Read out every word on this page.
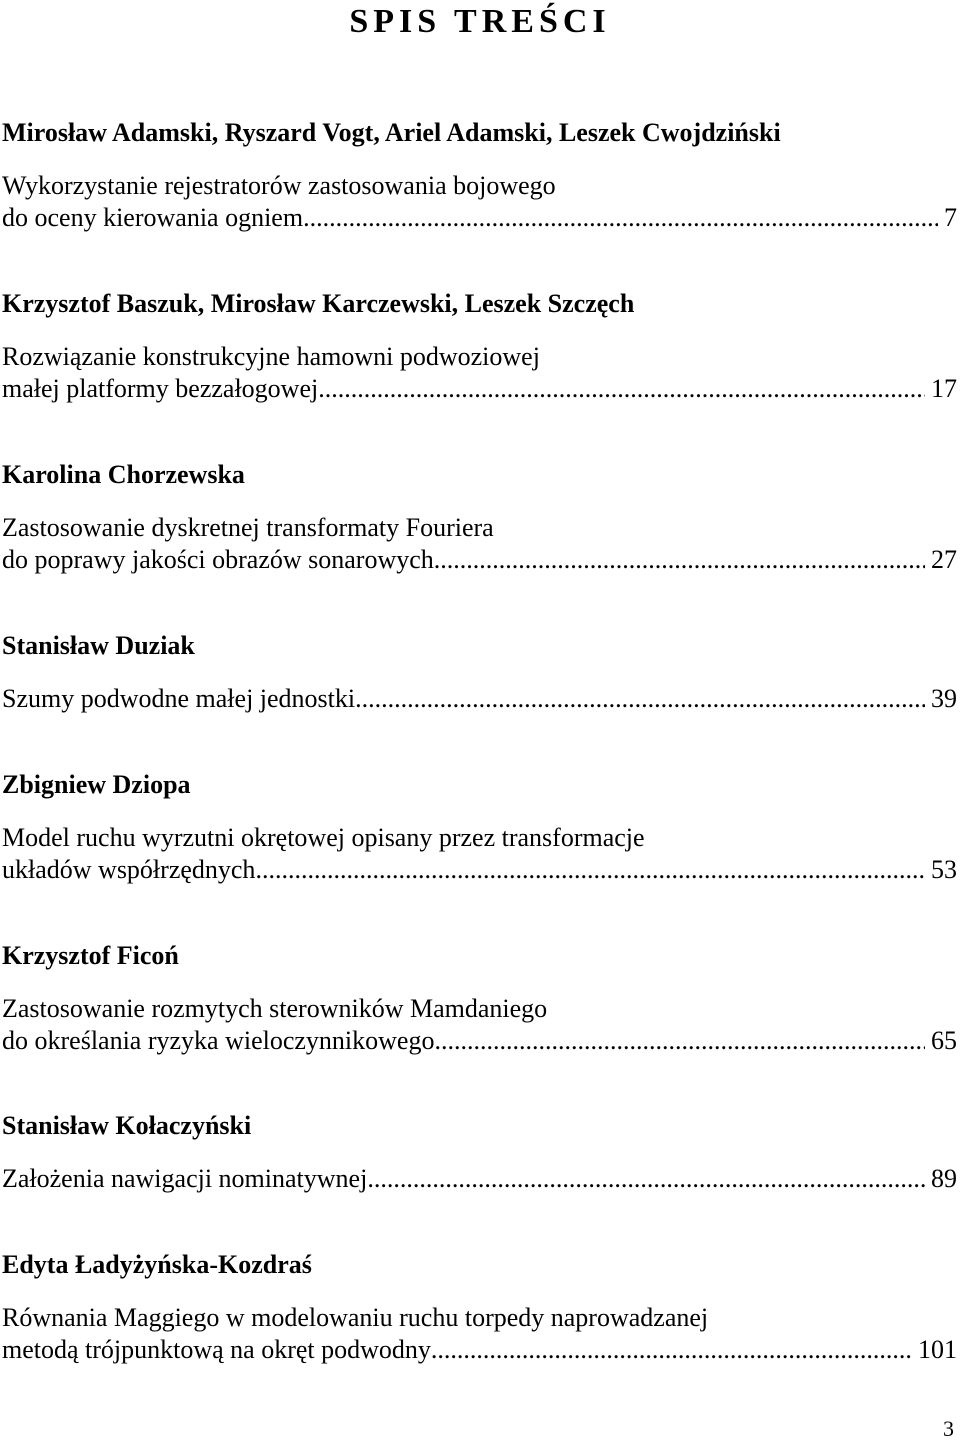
SPIS TREŚCI
Mirosław Adamski, Ryszard Vogt, Ariel Adamski, Leszek Cwojdziński
Wykorzystanie rejestratorów zastosowania bojowego
do oceny kierowania ogniem .....	7
Krzysztof Baszuk, Mirosław Karczewski, Leszek Szczęch
Rozwiązanie konstrukcyjne hamowni podwoziowej
małej platformy bezzałogowej .....	17
Karolina Chorzewska
Zastosowanie dyskretnej transformaty Fouriera
do poprawy jakości obrazów sonarowych .....	27
Stanisław Duziak
Szumy podwodne małej jednostki .....	39
Zbigniew Dziopa
Model ruchu wyrzutni okrętowej opisany przez transformacje
układów współrzędnych .....	53
Krzysztof Ficoń
Zastosowanie rozmytych sterowników Mamdaniego
do określania ryzyka wieloczynnikowego .....	65
Stanisław Kołaczyński
Założenia nawigacji nominatywnej .....	89
Edyta Ładyżyńska-Kozdraś
Równania Maggiego w modelowaniu ruchu torpedy naprowadzanej
metodą trójpunktową na okręt podwodny .....	101
3
